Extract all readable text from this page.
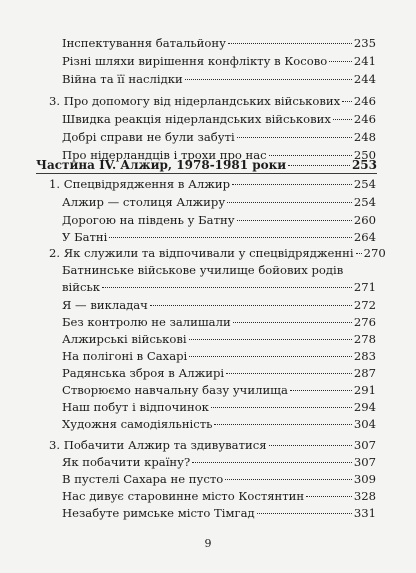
Інспектування батальйону	235
Різні шляхи вирішення конфлікту в Косово 241
Війна та її наслідки	244
3. Про допомогу від нідерландських військових 246
Швидка реакція нідерландських військових 246
Добрі справи не були забуті	248
Про нідерландців і трохи про нас	250
Частина IV. Алжир, 1978-1981 роки	253
1. Спецвідрядження в Алжир	254
Алжир — столиця Алжиру	254
Дорогою на південь у Батну	260
У Батні	264
2. Як служили та відпочивали у спецвідрядженні 270
Батнинське військове училище бойових родів
військ	271
Я — викладач	272
Без контролю не залишали	276
Алжирські військові	278
На полігоні в Сахарі	283
Радянська зброя в Алжирі	287
Створюємо навчальну базу училища	291
Наш побут і відпочинок	294
Художня самодіяльність	304
3. Побачити Алжир та здивуватися	307
Як побачити країну?	307
В пустелі Сахара не пусто	309
Нас дивує старовинне місто Костянтин	328
Незабуте римське місто Тімгад	331
9
